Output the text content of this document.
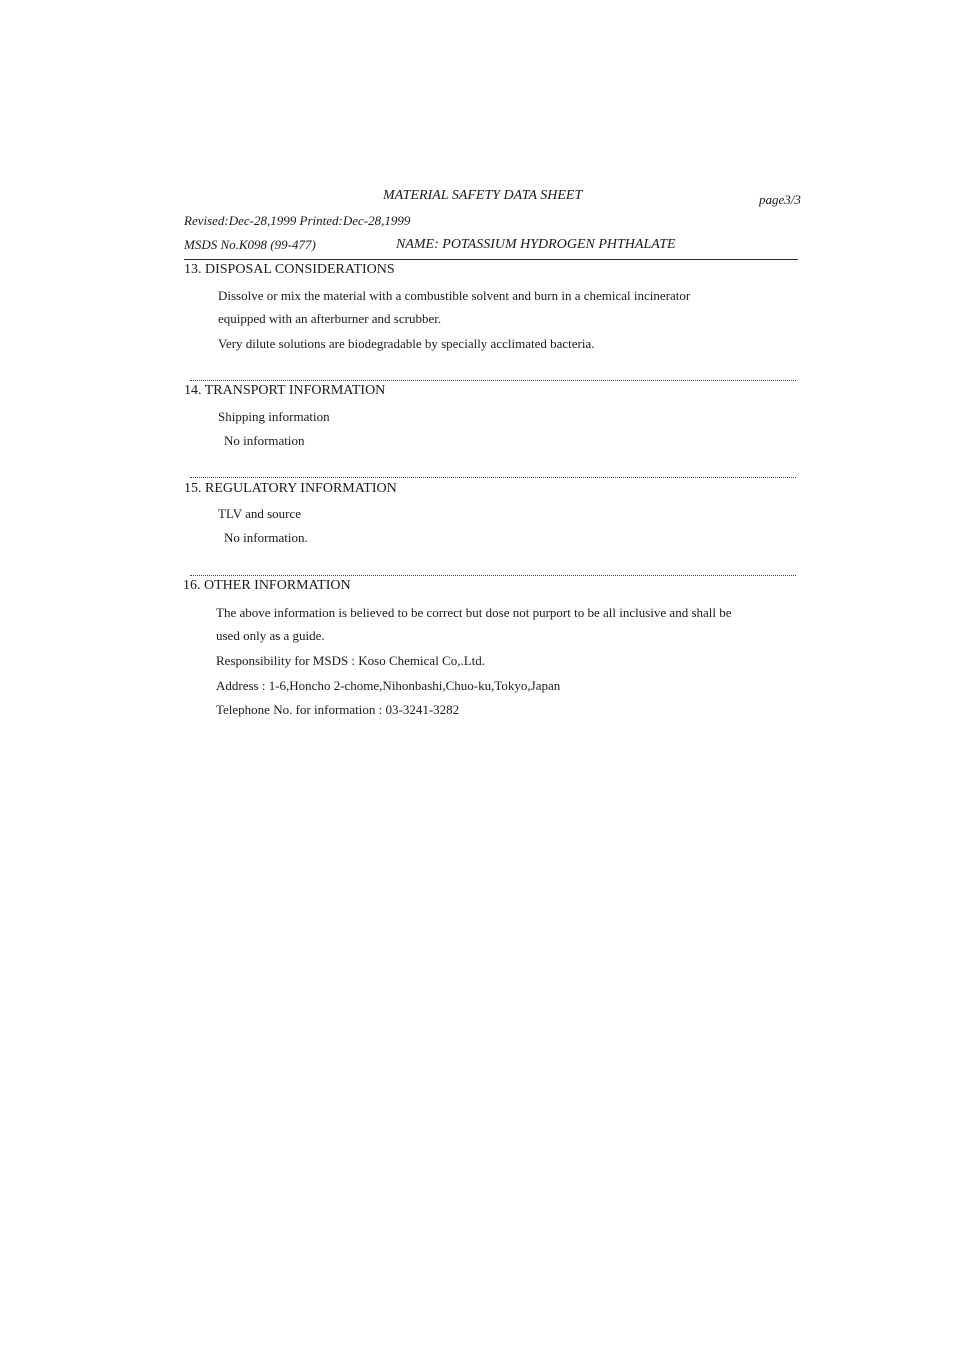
MATERIAL SAFETY DATA SHEET	page3/3
Revised:Dec-28,1999 Printed:Dec-28,1999
MSDS No.K098 (99-477)	NAME: POTASSIUM HYDROGEN PHTHALATE
13. DISPOSAL CONSIDERATIONS
Dissolve or mix the material with a combustible solvent and burn in a chemical incinerator
equipped with an afterburner and scrubber.
Very dilute solutions are biodegradable by specially acclimated bacteria.
14. TRANSPORT INFORMATION
Shipping information
No information
15. REGULATORY INFORMATION
TLV and source
No information.
16. OTHER INFORMATION
The above information is believed to be correct but dose not purport to be all inclusive and shall be
used only as a guide.
Responsibility for MSDS : Koso Chemical Co,.Ltd.
Address : 1-6,Honcho 2-chome,Nihonbashi,Chuo-ku,Tokyo,Japan
Telephone No. for information : 03-3241-3282
